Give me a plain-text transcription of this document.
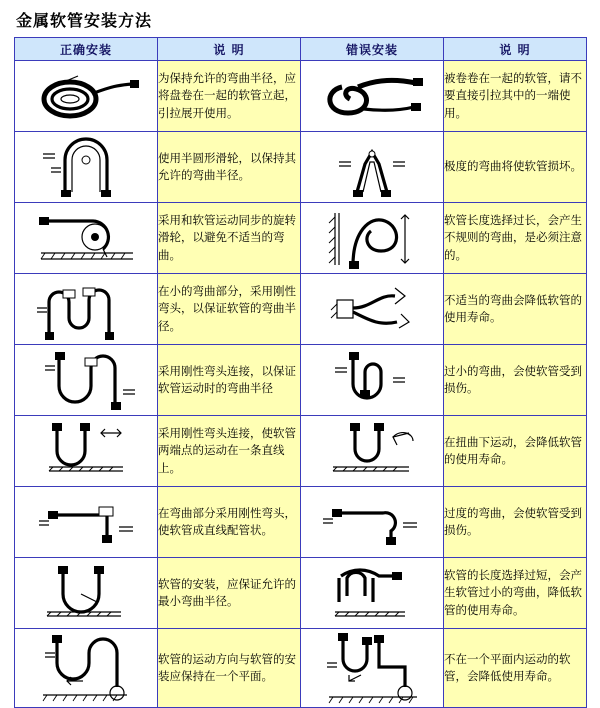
金属软管安装方法
正确安装	说 明	错误安装	说 明

	为保持允许的弯曲半径，应将盘卷在一起的软管立起，引拉展开使用。		被卷卷在一起的软管，请不要直接引拉其中的一端使用。

	使用半圆形滑轮，以保持其允许的弯曲半径。		极度的弯曲将使软管损坏。

	采用和软管运动同步的旋转滑轮，以避免不适当的弯曲。		软管长度选择过长，会产生不规则的弯曲，是必须注意的。

	在小的弯曲部分，采用刚性弯头，以保证软管的弯曲半径。		不适当的弯曲会降低软管的使用寿命。

	采用刚性弯头连接，以保证软管运动时的弯曲半径		过小的弯曲，会使软管受到损伤。

	采用刚性弯头连接，使软管两端点的运动在一条直线上。		在扭曲下运动，会降低软管的使用寿命。

	在弯曲部分采用刚性弯头，使软管成直线配管状。		过度的弯曲，会使软管受到损伤。

	软管的安装，应保证允许的最小弯曲半径。		软管的长度选择过短，会产生软管过小的弯曲，降低软管的使用寿命。

	软管的运动方向与软管的安装应保持在一个平面。		不在一个平面内运动的软管，会降低使用寿命。
